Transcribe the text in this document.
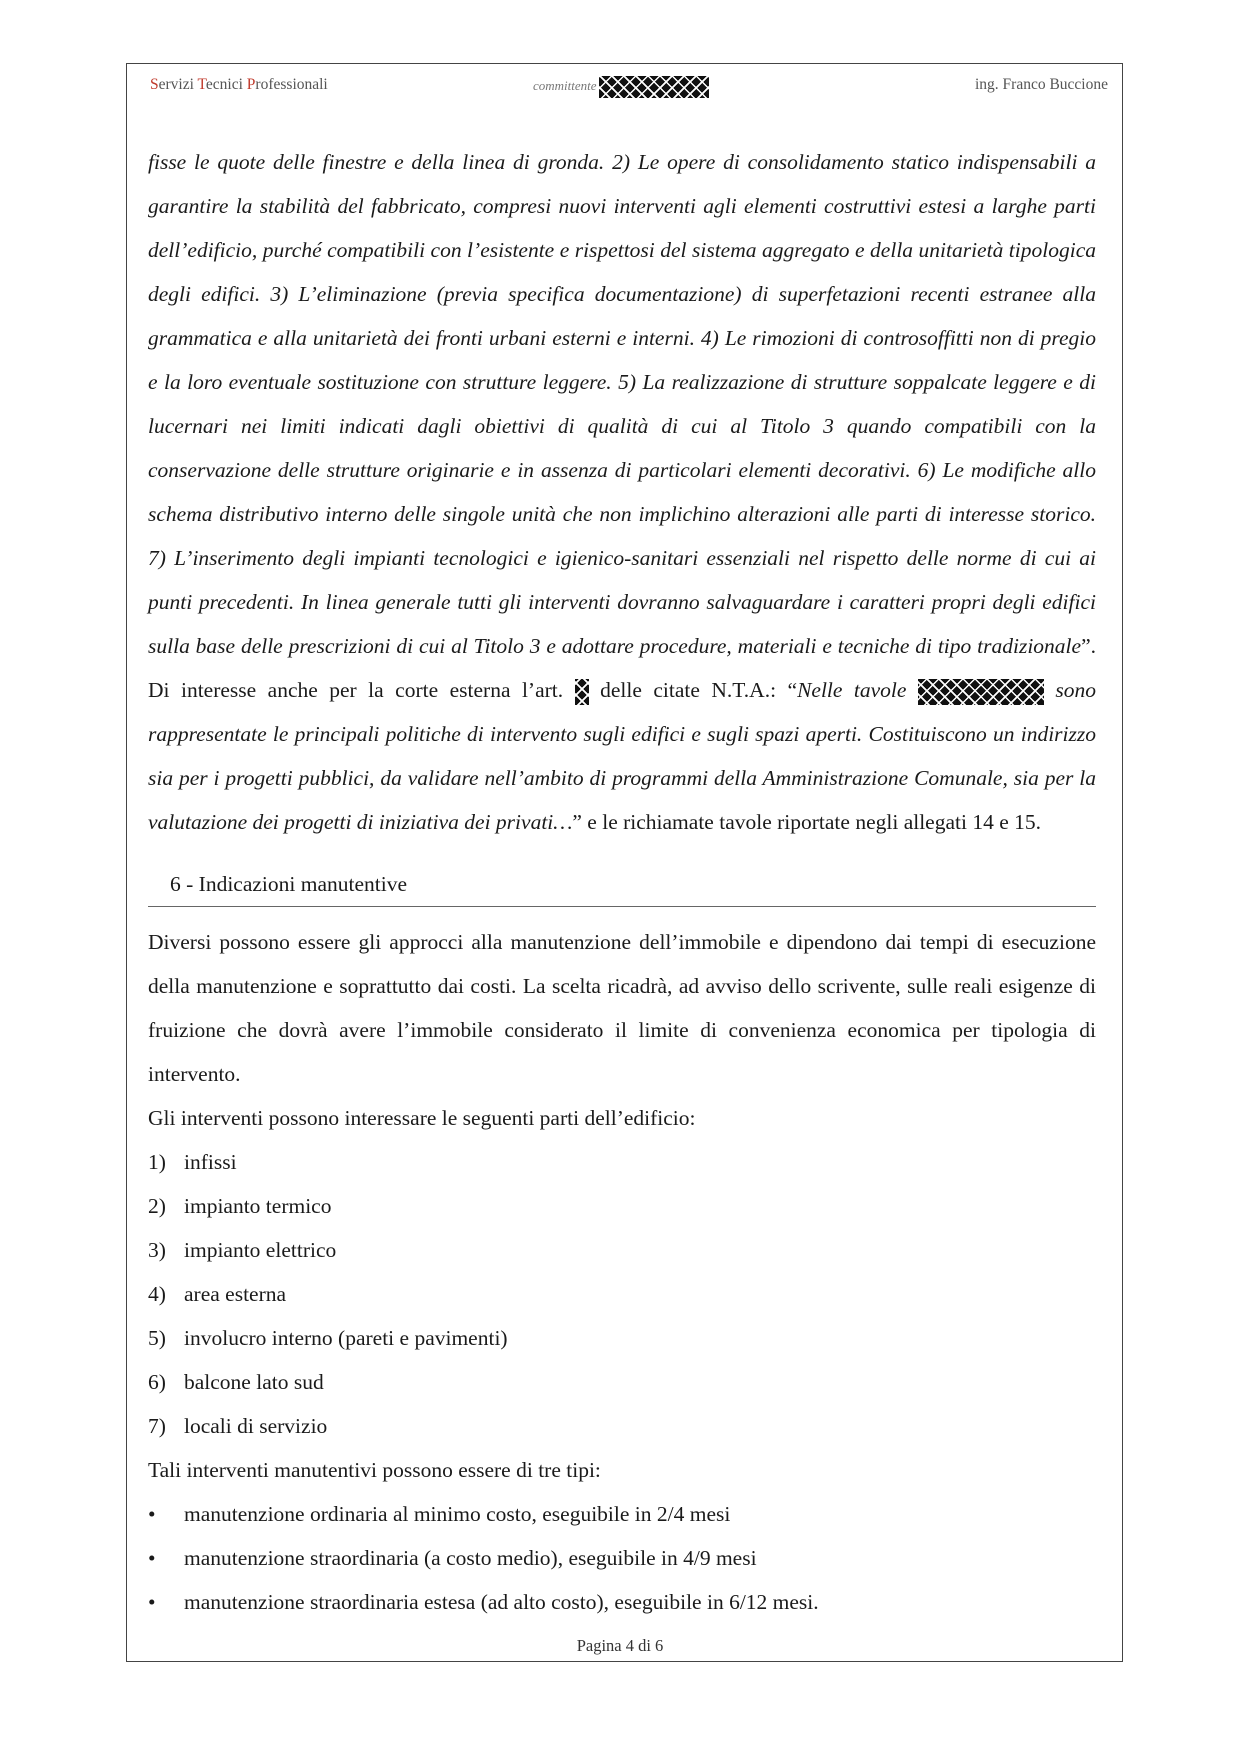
Servizi Tecnici Professionali	committente	ing. Franco Buccione

fisse le quote delle finestre e della linea di gronda. 2) Le opere di consolidamento statico indispensabili a garantire la stabilità del fabbricato, compresi nuovi interventi agli elementi costruttivi estesi a larghe parti dell’edificio, purché compatibili con l’esistente e rispettosi del sistema aggregato e della unitarietà tipologica degli edifici. 3) L’eliminazione (previa specifica documentazione) di superfetazioni recenti estranee alla grammatica e alla unitarietà dei fronti urbani esterni e interni. 4) Le rimozioni di controsoffitti non di pregio e la loro eventuale sostituzione con strutture leggere. 5) La realizzazione di strutture soppalcate leggere e di lucernari nei limiti indicati dagli obiettivi di qualità di cui al Titolo 3 quando compatibili con la conservazione delle strutture originarie e in assenza di particolari elementi decorativi. 6) Le modifiche allo schema distributivo interno delle singole unità che non implichino alterazioni alle parti di interesse storico. 7) L’inserimento degli impianti tecnologici e igienico-sanitari essenziali nel rispetto delle norme di cui ai punti precedenti. In linea generale tutti gli interventi dovranno salvaguardare i caratteri propri degli edifici sulla base delle prescrizioni di cui al Titolo 3 e adottare procedure, materiali e tecniche di tipo tradizionale”. Di interesse anche per la corte esterna l’art.  delle citate N.T.A.: “Nelle tavole	sono rappresentate le principali politiche di intervento sugli edifici e sugli spazi aperti. Costituiscono un indirizzo sia per i progetti pubblici, da validare nell’ambito di programmi della Amministrazione Comunale, sia per la valutazione dei progetti di iniziativa dei privati…” e le richiamate tavole riportate negli allegati 14 e 15.

6 - Indicazioni manutentive

Diversi possono essere gli approcci alla manutenzione dell’immobile e dipendono dai tempi di esecuzione della manutenzione e soprattutto dai costi. La scelta ricadrà, ad avviso dello scrivente, sulle reali esigenze di fruizione che dovrà avere l’immobile considerato il limite di convenienza economica per tipologia di intervento.

Gli interventi possono interessare le seguenti parti dell’edificio:

1) infissi
2) impianto termico
3) impianto elettrico
4) area esterna
5) involucro interno (pareti e pavimenti)
6) balcone lato sud
7) locali di servizio

Tali interventi manutentivi possono essere di tre tipi:

• manutenzione ordinaria al minimo costo, eseguibile in 2/4 mesi
• manutenzione straordinaria (a costo medio), eseguibile in 4/9 mesi
• manutenzione straordinaria estesa (ad alto costo), eseguibile in 6/12 mesi.
Pagina 4 di 6
